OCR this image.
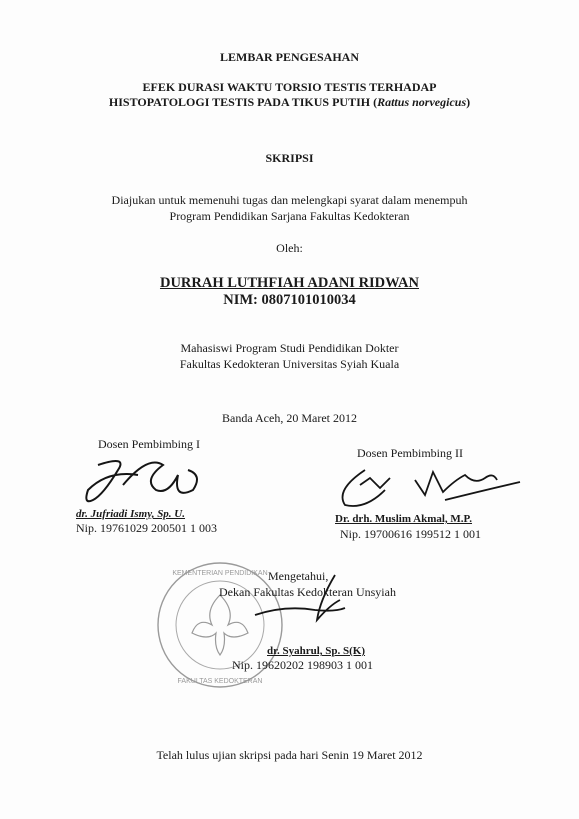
LEMBAR PENGESAHAN
EFEK DURASI WAKTU TORSIO TESTIS TERHADAP
HISTOPATOLOGI TESTIS PADA TIKUS PUTIH (Rattus norvegicus)
SKRIPSI
Diajukan untuk memenuhi tugas dan melengkapi syarat dalam menempuh
Program Pendidikan Sarjana Fakultas Kedokteran
Oleh:
DURRAH LUTHFIAH ADANI RIDWAN
NIM: 0807101010034
Mahasiswi Program Studi Pendidikan Dokter
Fakultas Kedokteran Universitas Syiah Kuala
Banda Aceh, 20 Maret 2012
Dosen Pembimbing I
dr. Jufriadi Ismy, Sp. U.
Nip. 19761029 200501 1 003
Dosen Pembimbing II
Dr. drh. Muslim Akmal, M.P.
Nip. 19700616 199512 1 001
KEMENTERIAN PENDIDIKAN
FAKULTAS KEDOKTERAN
Mengetahui,
Dekan Fakultas Kedokteran Unsyiah
dr. Syahrul, Sp. S(K)
Nip. 19620202 198903 1 001
Telah lulus ujian skripsi pada hari Senin 19 Maret 2012
